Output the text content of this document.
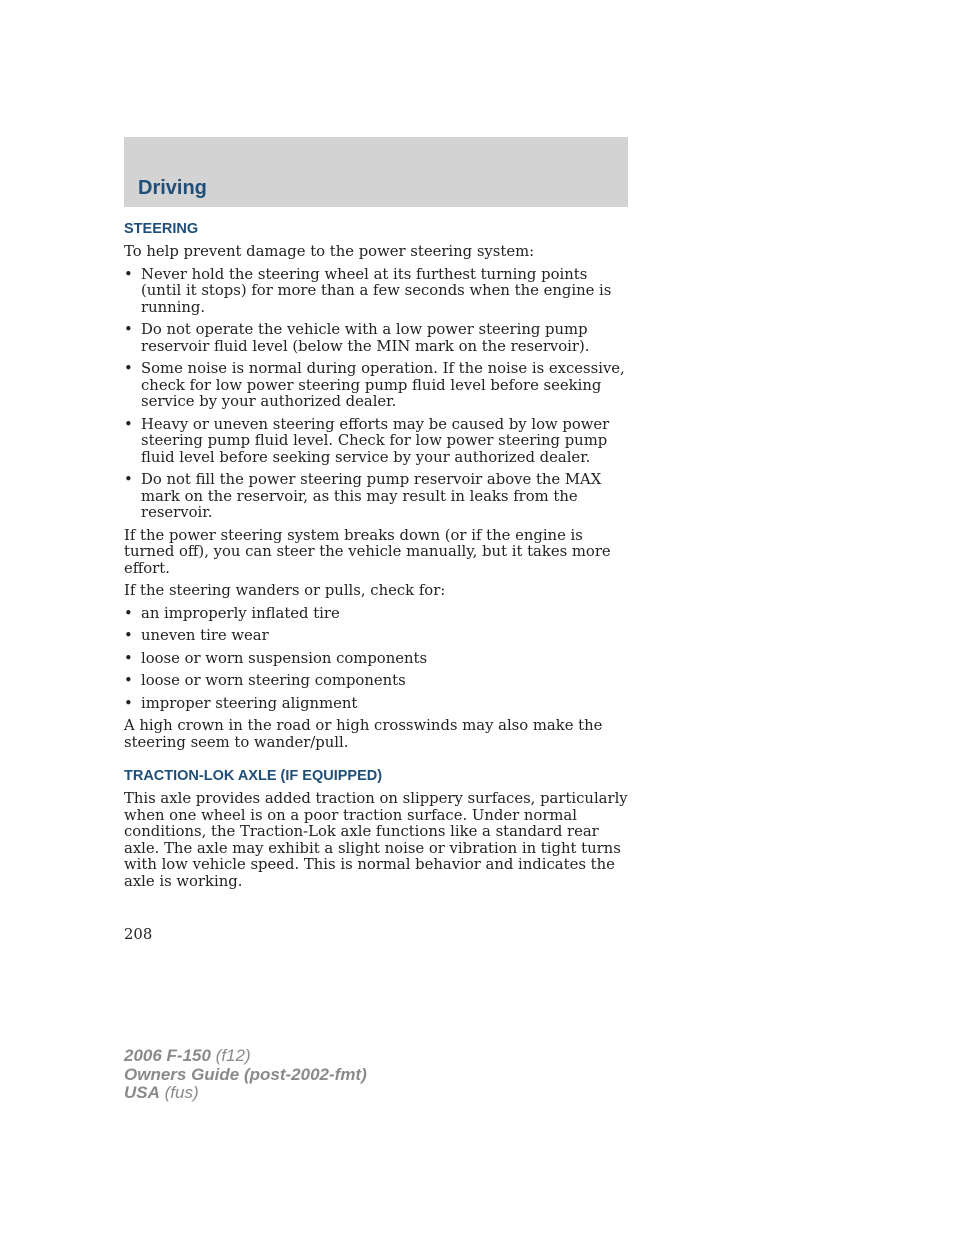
Driving
STEERING

To help prevent damage to the power steering system:

• Never hold the steering wheel at its furthest turning points (until it stops) for more than a few seconds when the engine is running.
• Do not operate the vehicle with a low power steering pump reservoir fluid level (below the MIN mark on the reservoir).
• Some noise is normal during operation. If the noise is excessive, check for low power steering pump fluid level before seeking service by your authorized dealer.
• Heavy or uneven steering efforts may be caused by low power steering pump fluid level. Check for low power steering pump fluid level before seeking service by your authorized dealer.
• Do not fill the power steering pump reservoir above the MAX mark on the reservoir, as this may result in leaks from the reservoir.

If the power steering system breaks down (or if the engine is turned off), you can steer the vehicle manually, but it takes more effort.

If the steering wanders or pulls, check for:

• an improperly inflated tire
• uneven tire wear
• loose or worn suspension components
• loose or worn steering components
• improper steering alignment

A high crown in the road or high crosswinds may also make the steering seem to wander/pull.

TRACTION-LOK AXLE (IF EQUIPPED)

This axle provides added traction on slippery surfaces, particularly when one wheel is on a poor traction surface. Under normal conditions, the Traction-Lok axle functions like a standard rear axle. The axle may exhibit a slight noise or vibration in tight turns with low vehicle speed. This is normal behavior and indicates the axle is working.

208
2006 F-150 (f12)
Owners Guide (post-2002-fmt)
USA (fus)
